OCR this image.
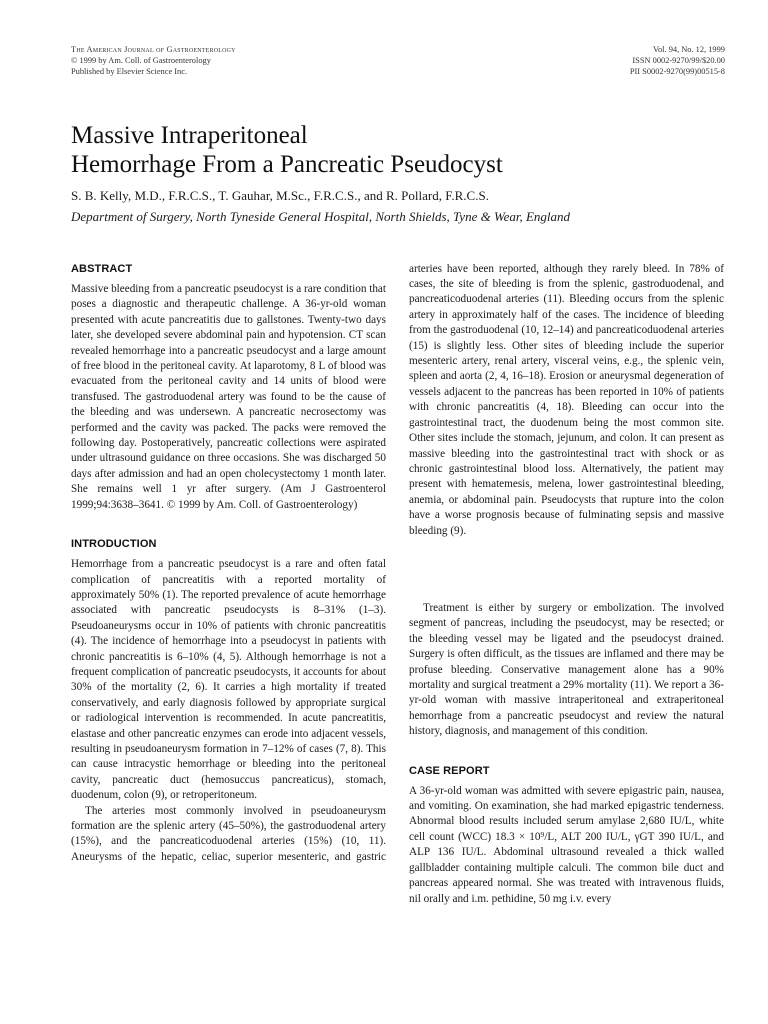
The American Journal of Gastroenterology
© 1999 by Am. Coll. of Gastroenterology
Published by Elsevier Science Inc.
Vol. 94, No. 12, 1999
ISSN 0002-9270/99/$20.00
PII S0002-9270(99)00515-8
Massive Intraperitoneal
Hemorrhage From a Pancreatic Pseudocyst
S. B. Kelly, M.D., F.R.C.S., T. Gauhar, M.Sc., F.R.C.S., and R. Pollard, F.R.C.S.
Department of Surgery, North Tyneside General Hospital, North Shields, Tyne & Wear, England
ABSTRACT

Massive bleeding from a pancreatic pseudocyst is a rare condition that poses a diagnostic and therapeutic challenge. A 36-yr-old woman presented with acute pancreatitis due to gallstones. Twenty-two days later, she developed severe abdominal pain and hypotension. CT scan revealed hemorrhage into a pancreatic pseudocyst and a large amount of free blood in the peritoneal cavity. At laparotomy, 8 L of blood was evacuated from the peritoneal cavity and 14 units of blood were transfused. The gastroduodenal artery was found to be the cause of the bleeding and was undersewn. A pancreatic necrosectomy was performed and the cavity was packed. The packs were removed the following day. Postoperatively, pancreatic collections were aspirated under ultrasound guidance on three occasions. She was discharged 50 days after admission and had an open cholecystectomy 1 month later. She remains well 1 yr after surgery. (Am J Gastroenterol 1999;94:3638–3641. © 1999 by Am. Coll. of Gastroenterology)

INTRODUCTION

Hemorrhage from a pancreatic pseudocyst is a rare and often fatal complication of pancreatitis with a reported mortality of approximately 50% (1). The reported prevalence of acute hemorrhage associated with pancreatic pseudocysts is 8–31% (1–3). Pseudoaneurysms occur in 10% of patients with chronic pancreatitis (4). The incidence of hemorrhage into a pseudocyst in patients with chronic pancreatitis is 6–10% (4, 5). Although hemorrhage is not a frequent complication of pancreatic pseudocysts, it accounts for about 30% of the mortality (2, 6). It carries a high mortality if treated conservatively, and early diagnosis followed by appropriate surgical or radiological intervention is recommended. In acute pancreatitis, elastase and other pancreatic enzymes can erode into adjacent vessels, resulting in pseudoaneurysm formation in 7–12% of cases (7, 8). This can cause intracystic hemorrhage or bleeding into the peritoneal cavity, pancreatic duct (hemosuccus pancreaticus), stomach, duodenum, colon (9), or retroperitoneum.

The arteries most commonly involved in pseudoaneurysm formation are the splenic artery (45–50%), the gastroduodenal artery (15%), and the pancreaticoduodenal arteries (15%) (10, 11). Aneurysms of the hepatic, celiac, superior mesenteric, and gastric

arteries have been reported, although they rarely bleed. In 78% of cases, the site of bleeding is from the splenic, gastroduodenal, and pancreaticoduodenal arteries (11). Bleeding occurs from the splenic artery in approximately half of the cases. The incidence of bleeding from the gastroduodenal (10, 12–14) and pancreaticoduodenal arteries (15) is slightly less. Other sites of bleeding include the superior mesenteric artery, renal artery, visceral veins, e.g., the splenic vein, spleen and aorta (2, 4, 16–18). Erosion or aneurysmal degeneration of vessels adjacent to the pancreas has been reported in 10% of patients with chronic pancreatitis (4, 18). Bleeding can occur into the gastrointestinal tract, the duodenum being the most common site. Other sites include the stomach, jejunum, and colon. It can present as massive bleeding into the gastrointestinal tract with shock or as chronic gastrointestinal blood loss. Alternatively, the patient may present with hematemesis, melena, lower gastrointestinal bleeding, anemia, or abdominal pain. Pseudocysts that rupture into the colon have a worse prognosis because of fulminating sepsis and massive bleeding (9).

Treatment is either by surgery or embolization. The involved segment of pancreas, including the pseudocyst, may be resected; or the bleeding vessel may be ligated and the pseudocyst drained. Surgery is often difficult, as the tissues are inflamed and there may be profuse bleeding. Conservative management alone has a 90% mortality and surgical treatment a 29% mortality (11). We report a 36-yr-old woman with massive intraperitoneal and extraperitoneal hemorrhage from a pancreatic pseudocyst and review the natural history, diagnosis, and management of this condition.

CASE REPORT

A 36-yr-old woman was admitted with severe epigastric pain, nausea, and vomiting. On examination, she had marked epigastric tenderness. Abnormal blood results included serum amylase 2,680 IU/L, white cell count (WCC) 18.3 × 10⁹/L, ALT 200 IU/L, γGT 390 IU/L, and ALP 136 IU/L. Abdominal ultrasound revealed a thick walled gallbladder containing multiple calculi. The common bile duct and pancreas appeared normal. She was treated with intravenous fluids, nil orally and i.m. pethidine, 50 mg i.v. every
